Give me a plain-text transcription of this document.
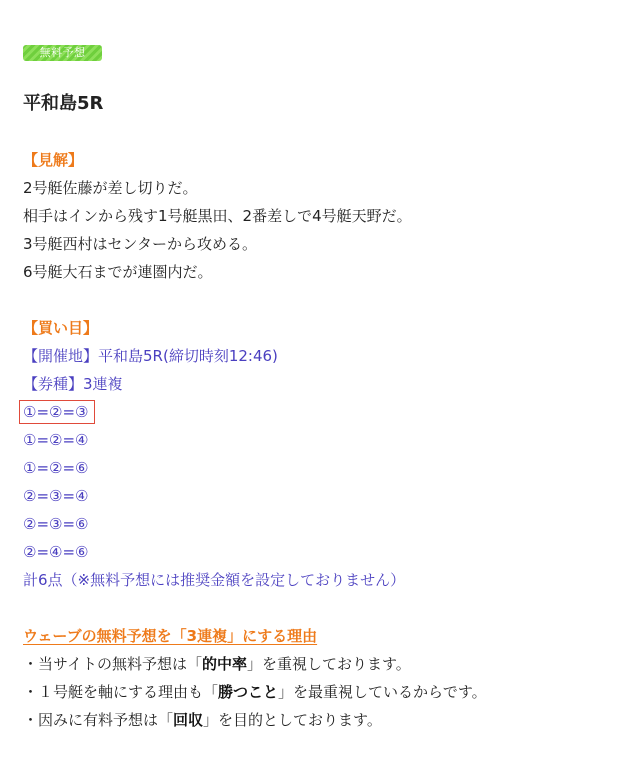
無料予想
平和島5R
【見解】
2号艇佐藤が差し切りだ。
相手はインから残す1号艇黒田、2番差しで4号艇天野だ。
3号艇西村はセンターから攻める。
6号艇大石までが連圏内だ。
【買い目】
【開催地】平和島5R(締切時刻12:46)
【券種】3連複
①=②=③
①=②=④
①=②=⑥
②=③=④
②=③=⑥
②=④=⑥
計6点（※無料予想には推奨金額を設定しておりません）
ウェーブの無料予想を「3連複」にする理由
・当サイトの無料予想は「的中率」を重視しております。
・１号艇を軸にする理由も「勝つこと」を最重視しているからです。
・因みに有料予想は「回収」を目的としております。
